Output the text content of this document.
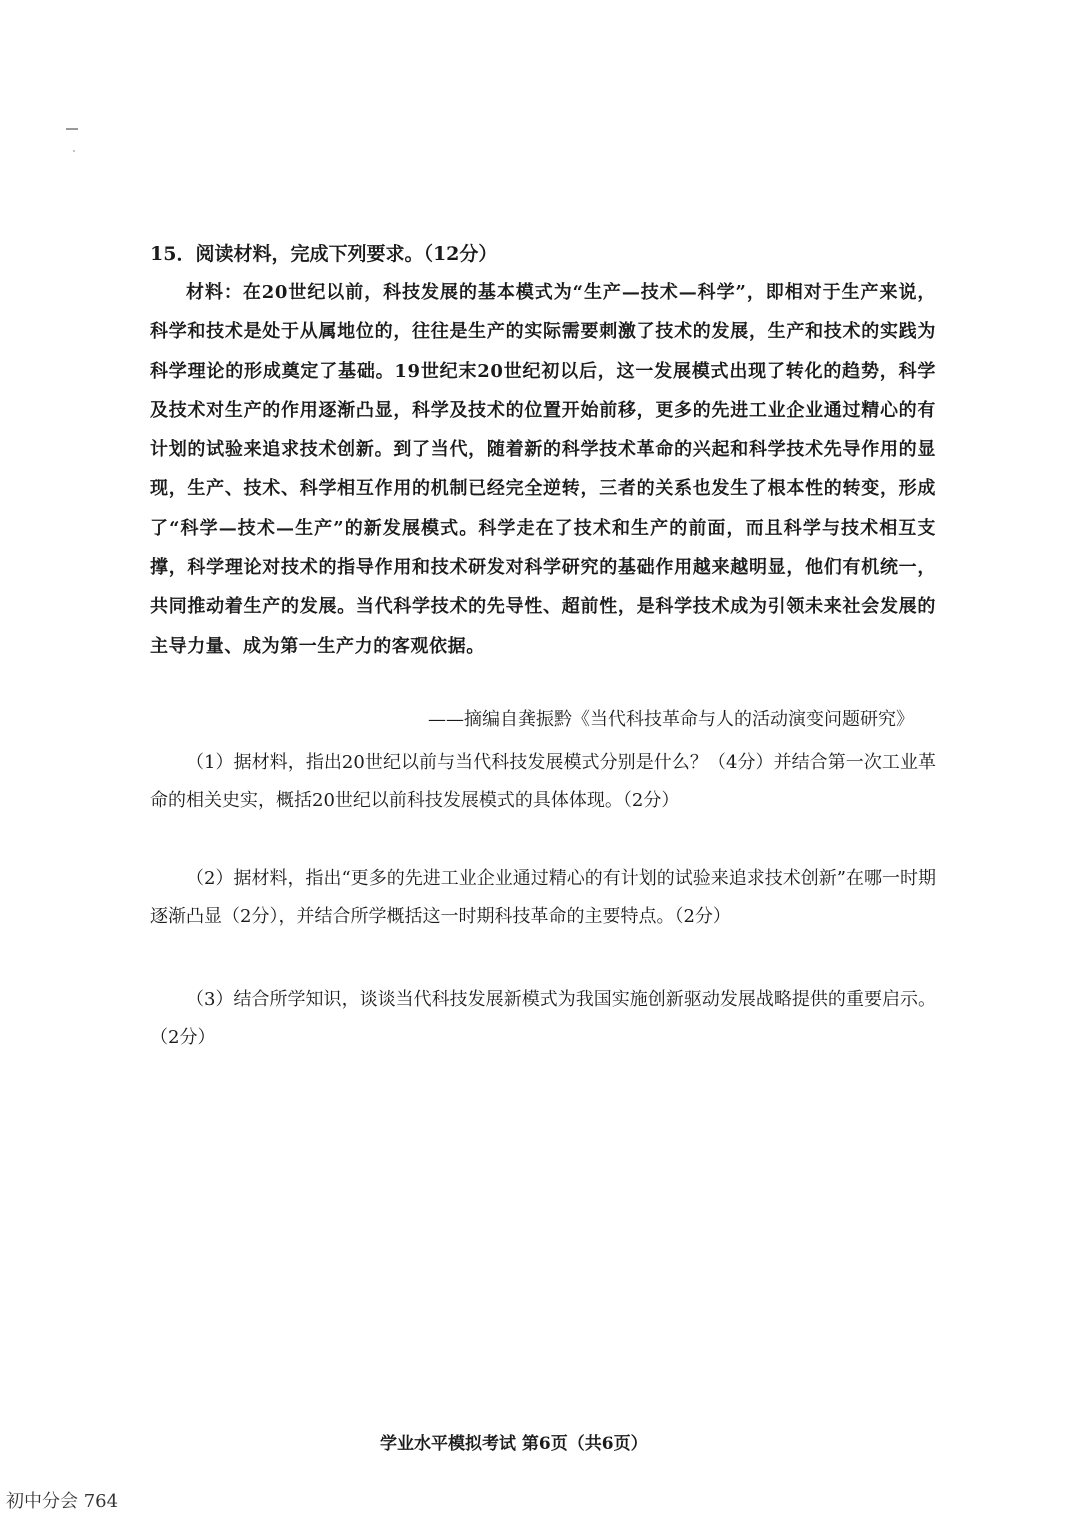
15．阅读材料，完成下列要求。（12分）
材料：在20世纪以前，科技发展的基本模式为“生产—技术—科学”，即相对于生产来说，科学和技术是处于从属地位的，往往是生产的实际需要刺激了技术的发展，生产和技术的实践为科学理论的形成奠定了基础。19世纪末20世纪初以后，这一发展模式出现了转化的趋势，科学及技术对生产的作用逐渐凸显，科学及技术的位置开始前移，更多的先进工业企业通过精心的有计划的试验来追求技术创新。到了当代，随着新的科学技术革命的兴起和科学技术先导作用的显现，生产、技术、科学相互作用的机制已经完全逆转，三者的关系也发生了根本性的转变，形成了“科学—技术—生产”的新发展模式。科学走在了技术和生产的前面，而且科学与技术相互支撑，科学理论对技术的指导作用和技术研发对科学研究的基础作用越来越明显，他们有机统一，共同推动着生产的发展。当代科学技术的先导性、超前性，是科学技术成为引领未来社会发展的主导力量、成为第一生产力的客观依据。
——摘编自龚振黔《当代科技革命与人的活动演变问题研究》
（1）据材料，指出20世纪以前与当代科技发展模式分别是什么？（4分）并结合第一次工业革命的相关史实，概括20世纪以前科技发展模式的具体体现。（2分）
（2）据材料，指出“更多的先进工业企业通过精心的有计划的试验来追求技术创新”在哪一时期逐渐凸显（2分），并结合所学概括这一时期科技革命的主要特点。（2分）
（3）结合所学知识，谈谈当代科技发展新模式为我国实施创新驱动发展战略提供的重要启示。（2分）
学业水平模拟考试 第6页（共6页）
初中分会 764
